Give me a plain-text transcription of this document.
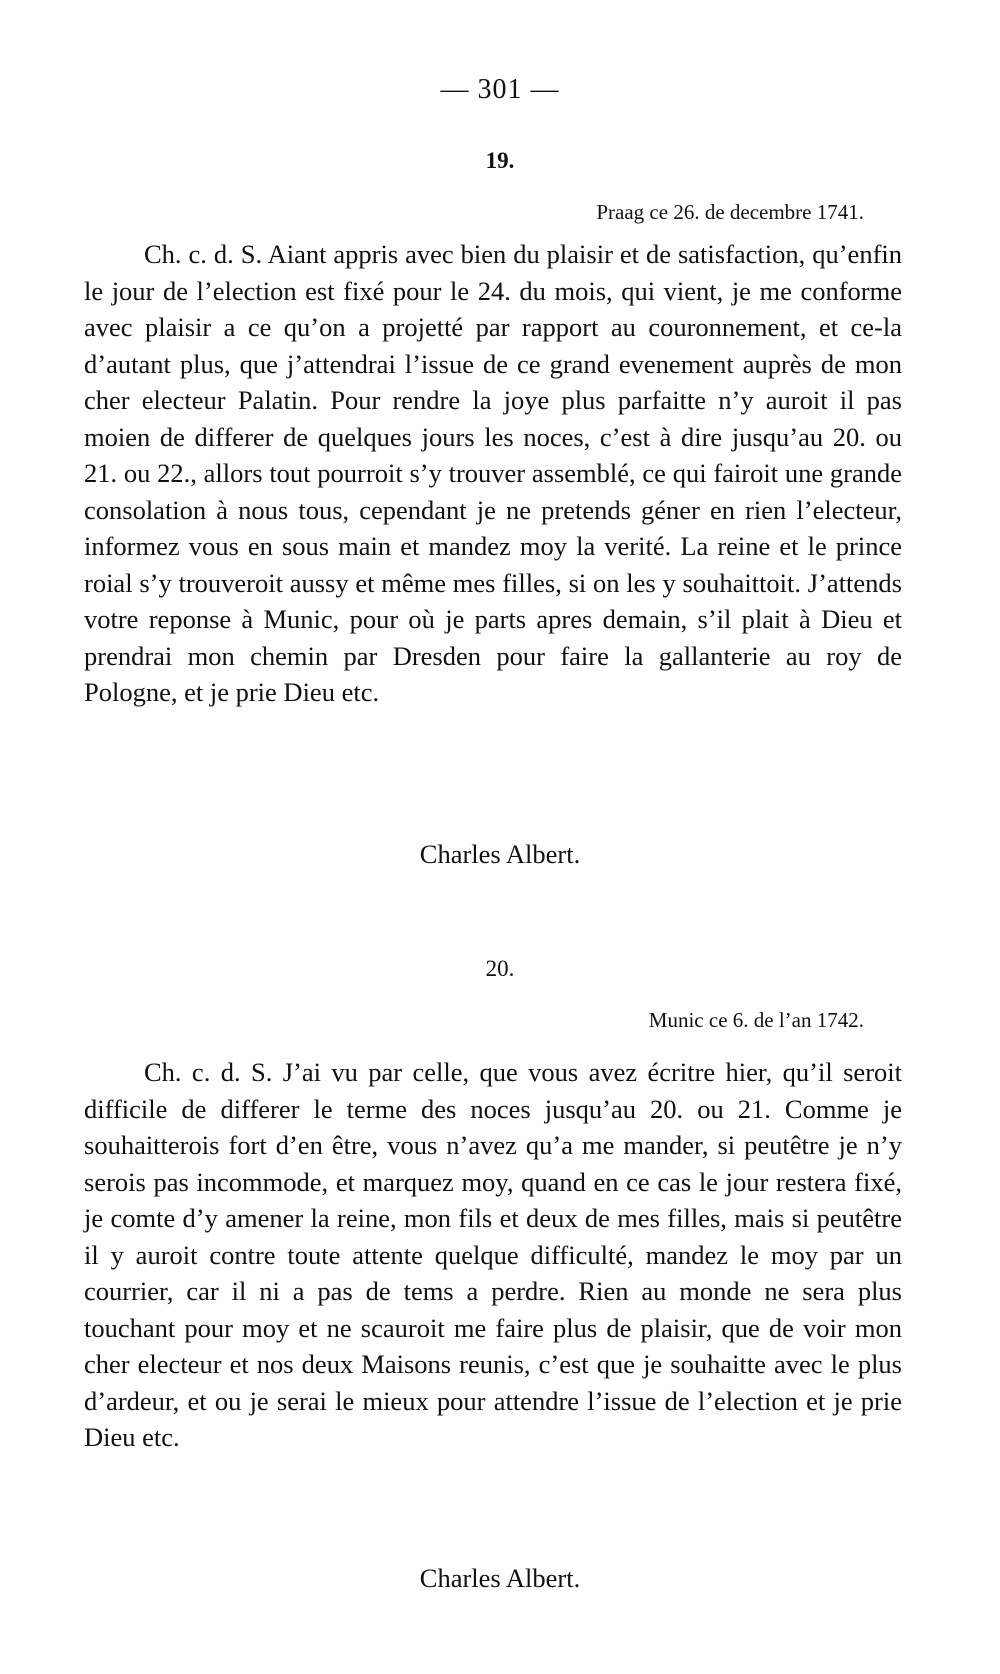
— 301 —
19.
Praag ce 26. de decembre 1741.

Ch. c. d. S. Aiant appris avec bien du plaisir et de satisfaction, qu’enfin le jour de l’election est fixé pour le 24. du mois, qui vient, je me conforme avec plaisir a ce qu’on a projetté par rapport au couronnement, et ce-la d’autant plus, que j’attendrai l’issue de ce grand evenement auprès de mon cher electeur Palatin. Pour rendre la joye plus parfaitte n’y auroit il pas moien de differer de quelques jours les noces, c’est à dire jusqu’au 20. ou 21. ou 22., allors tout pourroit s’y trouver assemblé, ce qui fairoit une grande consolation à nous tous, cependant je ne pretends géner en rien l’electeur, informez vous en sous main et mandez moy la verité. La reine et le prince roial s’y trouveroit aussy et même mes filles, si on les y souhaittoit. J’attends votre reponse à Munic, pour où je parts apres demain, s’il plait à Dieu et prendrai mon chemin par Dresden pour faire la gallanterie au roy de Pologne, et je prie Dieu etc.

Charles Albert.
20.
Munic ce 6. de l’an 1742.

Ch. c. d. S. J’ai vu par celle, que vous avez écritre hier, qu’il seroit difficile de differer le terme des noces jusqu’au 20. ou 21. Comme je souhaitterois fort d’en être, vous n’avez qu’a me mander, si peutêtre je n’y serois pas incommode, et marquez moy, quand en ce cas le jour restera fixé, je comte d’y amener la reine, mon fils et deux de mes filles, mais si peutêtre il y auroit contre toute attente quelque difficulté, mandez le moy par un courrier, car il ni a pas de tems a perdre. Rien au monde ne sera plus touchant pour moy et ne scauroit me faire plus de plaisir, que de voir mon cher electeur et nos deux Maisons reunis, c’est que je souhaitte avec le plus d’ardeur, et ou je serai le mieux pour attendre l’issue de l’election et je prie Dieu etc.

Charles Albert.
